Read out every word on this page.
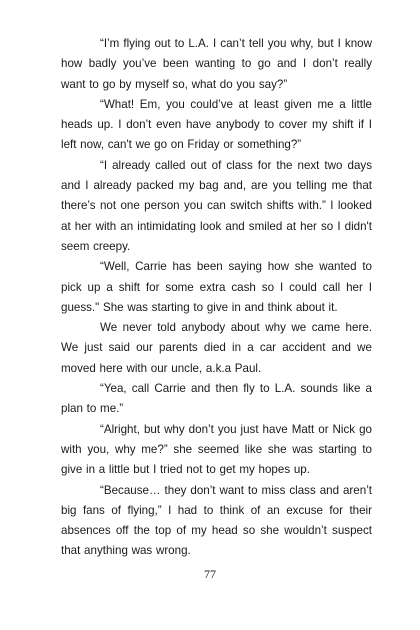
“I’m flying out to L.A. I can’t tell you why, but I know how badly you’ve been wanting to go and I don’t really want to go by myself so, what do you say?”

“What! Em, you could’ve at least given me a little heads up. I don’t even have anybody to cover my shift if I left now, can't we go on Friday or something?”

“I already called out of class for the next two days and I already packed my bag and, are you telling me that there’s not one person you can switch shifts with.” I looked at her with an intimidating look and smiled at her so I didn't seem creepy.

“Well, Carrie has been saying how she wanted to pick up a shift for some extra cash so I could call her I guess." She was starting to give in and think about it.

We never told anybody about why we came here. We just said our parents died in a car accident and we moved here with our uncle, a.k.a Paul.

“Yea, call Carrie and then fly to L.A. sounds like a plan to me.”

“Alright, but why don’t you just have Matt or Nick go with you, why me?” she seemed like she was starting to give in a little but I tried not to get my hopes up.

“Because… they don’t want to miss class and aren’t big fans of flying,” I had to think of an excuse for their absences off the top of my head so she wouldn’t suspect that anything was wrong.

77
